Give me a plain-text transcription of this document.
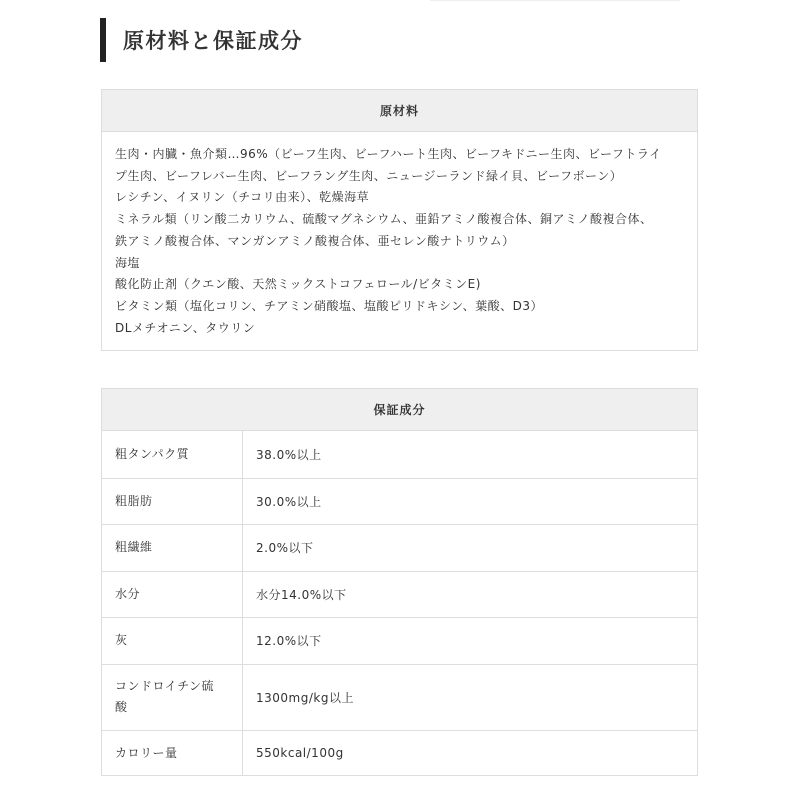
原材料と保証成分
原材料
生肉・内臓・魚介類…96%（ビーフ生肉、ビーフハート生肉、ビーフキドニー生肉、ビーフトライ
プ生肉、ビーフレバー生肉、ビーフラング生肉、ニュージーランド緑イ貝、ビーフボーン）
レシチン、イヌリン（チコリ由来）、乾燥海草
ミネラル類（リン酸二カリウム、硫酸マグネシウム、亜鉛アミノ酸複合体、銅アミノ酸複合体、
鉄アミノ酸複合体、マンガンアミノ酸複合体、亜セレン酸ナトリウム）
海塩
酸化防止剤（クエン酸、天然ミックストコフェロール/ビタミンE)
ビタミン類（塩化コリン、チアミン硝酸塩、塩酸ピリドキシン、葉酸、D3）
DLメチオニン、タウリン
保証成分
粗タンパク質	38.0%以上
粗脂肪	30.0%以上
粗繊維	2.0%以下
水分	水分14.0%以下
灰	12.0%以下
コンドロイチン硫酸	1300mg/kg以上
カロリー量	550kcal/100g
